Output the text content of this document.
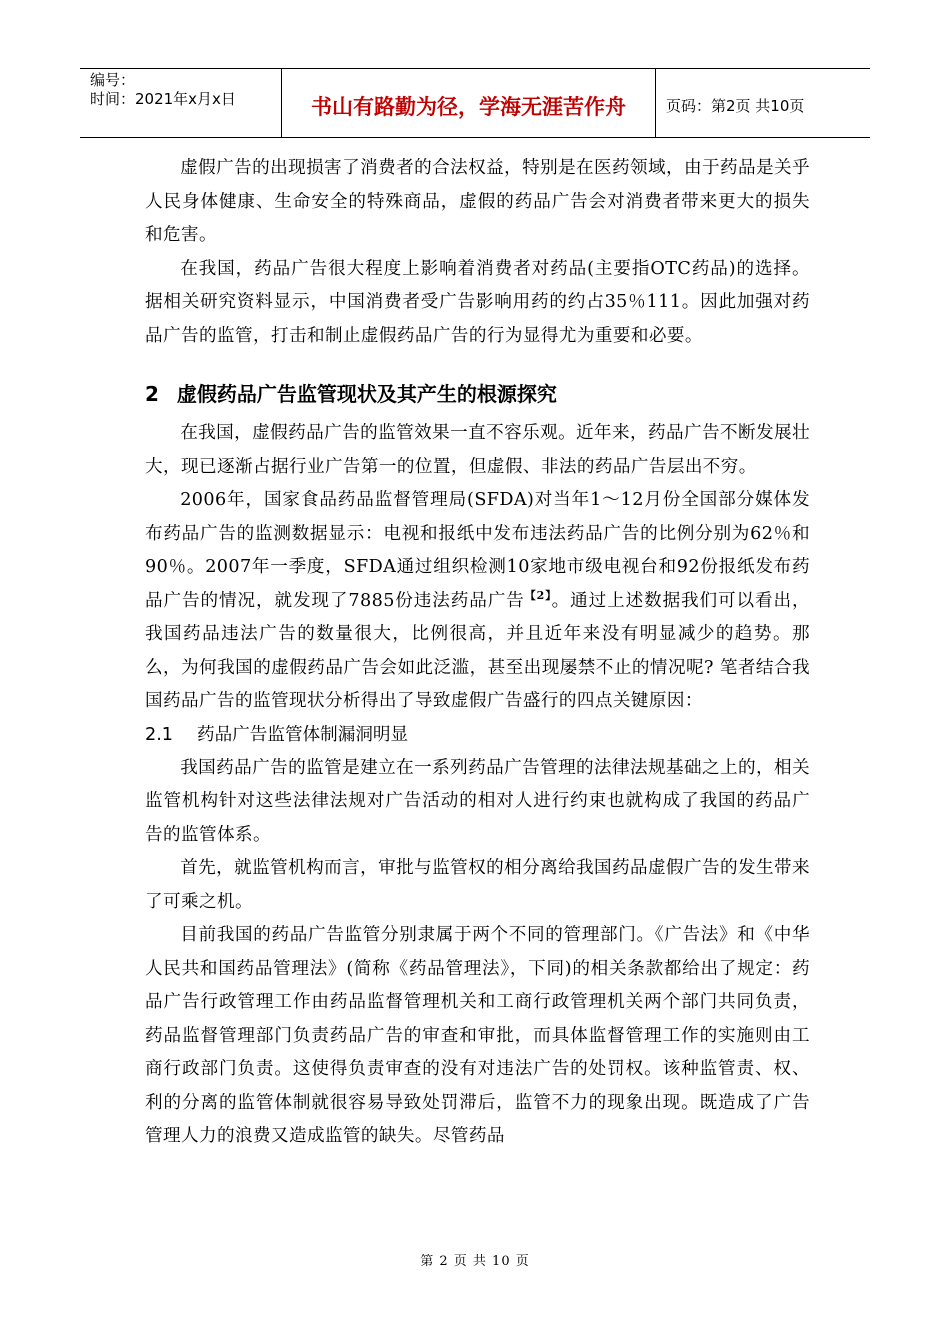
编号：
时间：2021年x月x日	书山有路勤为径，学海无涯苦作舟	页码：第2页 共10页

虚假广告的出现损害了消费者的合法权益，特别是在医药领域，由于药品是关乎人民身体健康、生命安全的特殊商品，虚假的药品广告会对消费者带来更大的损失和危害。

在我国，药品广告很大程度上影响着消费者对药品(主要指OTC药品)的选择。据相关研究资料显示，中国消费者受广告影响用药的约占35％111。因此加强对药品广告的监管，打击和制止虚假药品广告的行为显得尤为重要和必要。

2 虚假药品广告监管现状及其产生的根源探究

在我国，虚假药品广告的监管效果一直不容乐观。近年来，药品广告不断发展壮大，现已逐渐占据行业广告第一的位置，但虚假、非法的药品广告层出不穷。

2006年，国家食品药品监督管理局(SFDA)对当年1～12月份全国部分媒体发布药品广告的监测数据显示：电视和报纸中发布违法药品广告的比例分别为62％和90％。2007年一季度，SFDA通过组织检测10家地市级电视台和92份报纸发布药品广告的情况，就发现了7885份违法药品广告$^{【2】}$。通过上述数据我们可以看出，我国药品违法广告的数量很大，比例很高，并且近年来没有明显减少的趋势。那么，为何我国的虚假药品广告会如此泛滥，甚至出现屡禁不止的情况呢? 笔者结合我国药品广告的监管现状分析得出了导致虚假广告盛行的四点关键原因：

2.1 药品广告监管体制漏洞明显

我国药品广告的监管是建立在一系列药品广告管理的法律法规基础之上的，相关监管机构针对这些法律法规对广告活动的相对人进行约束也就构成了我国的药品广告的监管体系。

首先，就监管机构而言，审批与监管权的相分离给我国药品虚假广告的发生带来了可乘之机。

目前我国的药品广告监管分别隶属于两个不同的管理部门。《广告法》和《中华人民共和国药品管理法》(简称《药品管理法》，下同)的相关条款都给出了规定：药品广告行政管理工作由药品监督管理机关和工商行政管理机关两个部门共同负责，药品监督管理部门负责药品广告的审查和审批，而具体监督管理工作的实施则由工商行政部门负责。这使得负责审查的没有对违法广告的处罚权。该种监管责、权、利的分离的监管体制就很容易导致处罚滞后，监管不力的现象出现。既造成了广告管理人力的浪费又造成监管的缺失。尽管药品

第 2 页 共 10 页
